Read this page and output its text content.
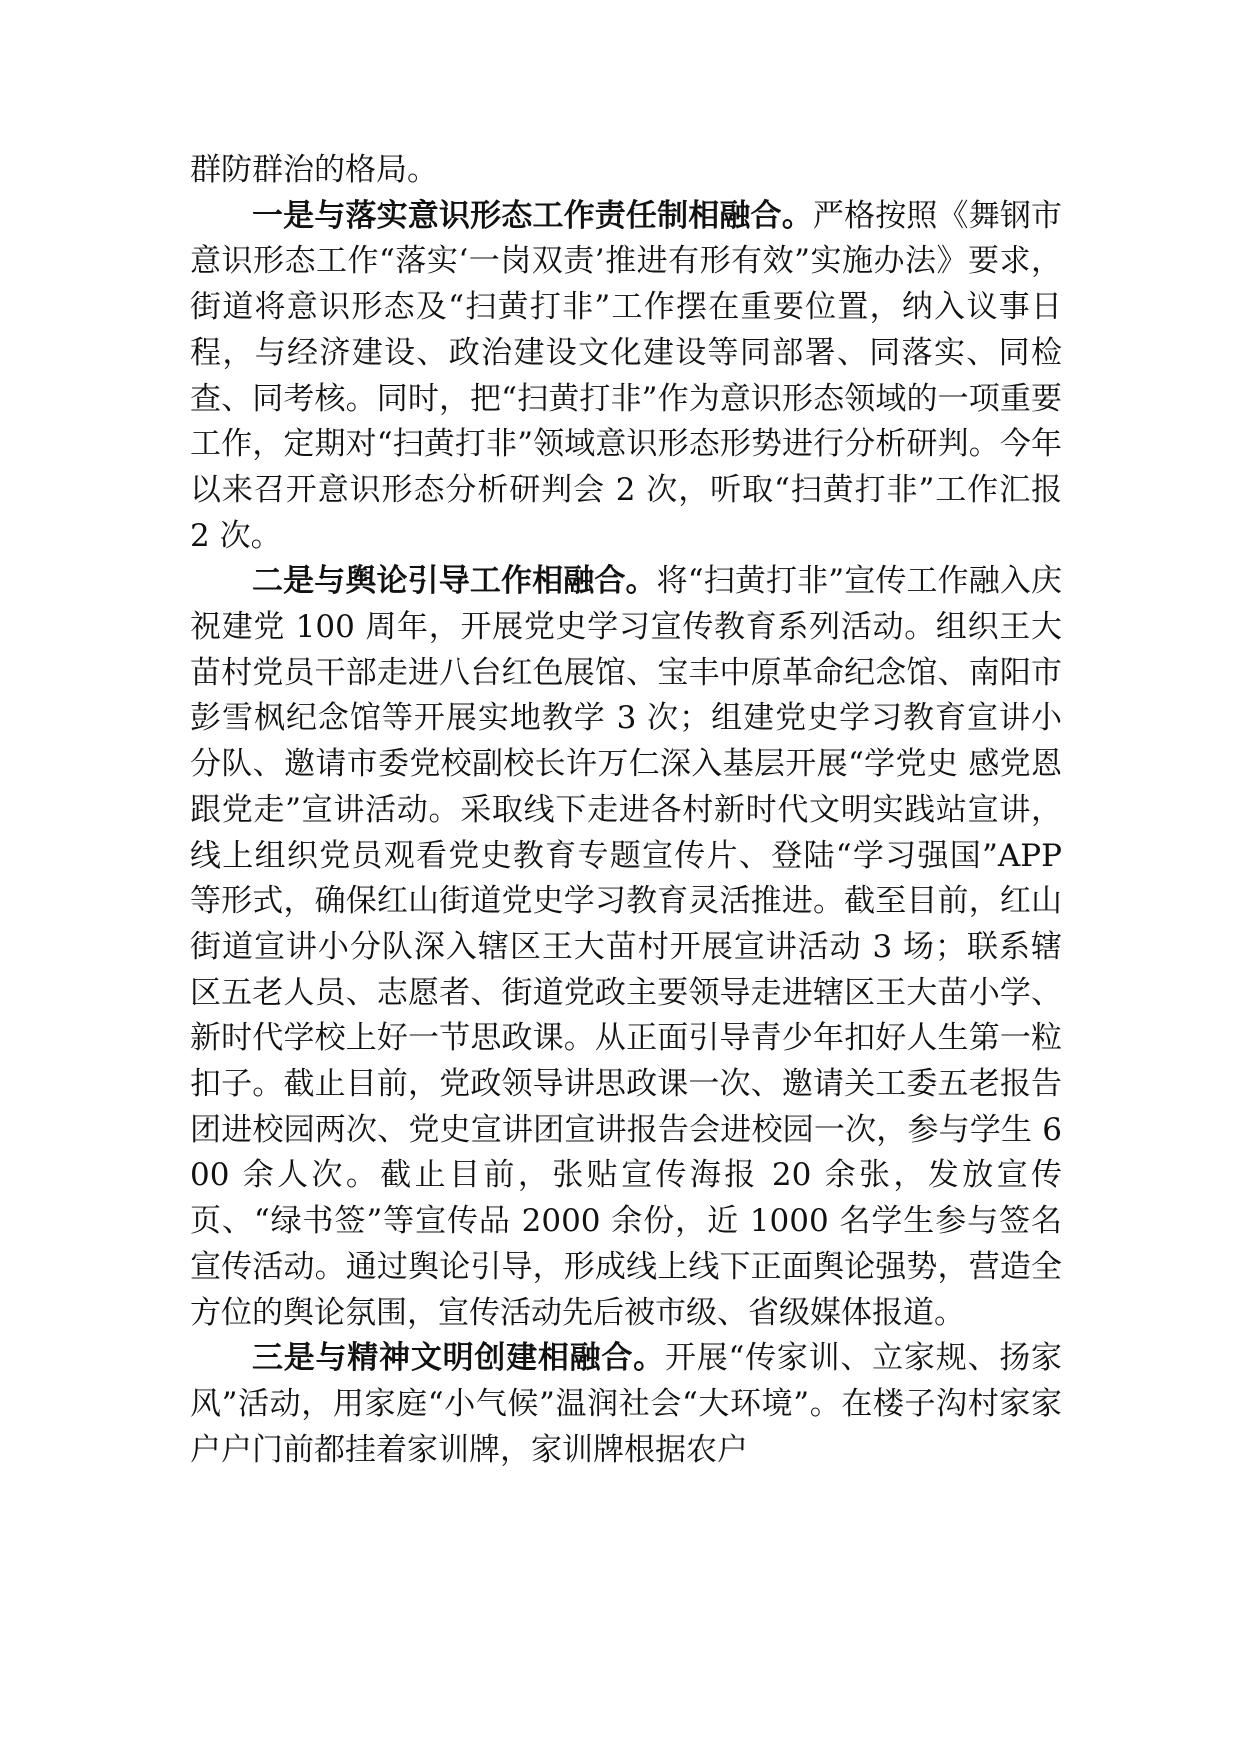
群防群治的格局。

一是与落实意识形态工作责任制相融合。严格按照《舞钢市意识形态工作“落实‘一岗双责’推进有形有效”实施办法》要求，街道将意识形态及“扫黄打非”工作摆在重要位置，纳入议事日程，与经济建设、政治建设文化建设等同部署、同落实、同检查、同考核。同时，把“扫黄打非”作为意识形态领域的一项重要工作，定期对“扫黄打非”领域意识形态形势进行分析研判。今年以来召开意识形态分析研判会 2 次，听取“扫黄打非”工作汇报 2 次。

二是与舆论引导工作相融合。将“扫黄打非”宣传工作融入庆祝建党 100 周年，开展党史学习宣传教育系列活动。组织王大苗村党员干部走进八台红色展馆、宝丰中原革命纪念馆、南阳市彭雪枫纪念馆等开展实地教学 3 次；组建党史学习教育宣讲小分队、邀请市委党校副校长许万仁深入基层开展“学党史 感党恩 跟党走”宣讲活动。采取线下走进各村新时代文明实践站宣讲，线上组织党员观看党史教育专题宣传片、登陆“学习强国”APP 等形式，确保红山街道党史学习教育灵活推进。截至目前，红山街道宣讲小分队深入辖区王大苗村开展宣讲活动 3 场；联系辖区五老人员、志愿者、街道党政主要领导走进辖区王大苗小学、新时代学校上好一节思政课。从正面引导青少年扣好人生第一粒扣子。截止目前，党政领导讲思政课一次、邀请关工委五老报告团进校园两次、党史宣讲团宣讲报告会进校园一次，参与学生 600 余人次。截止目前，张贴宣传海报 20 余张，发放宣传页、“绿书签”等宣传品 2000 余份，近 1000 名学生参与签名宣传活动。通过舆论引导，形成线上线下正面舆论强势，营造全方位的舆论氛围，宣传活动先后被市级、省级媒体报道。

三是与精神文明创建相融合。开展“传家训、立家规、扬家风”活动，用家庭“小气候”温润社会“大环境”。在楼子沟村家家户户门前都挂着家训牌，家训牌根据农户
